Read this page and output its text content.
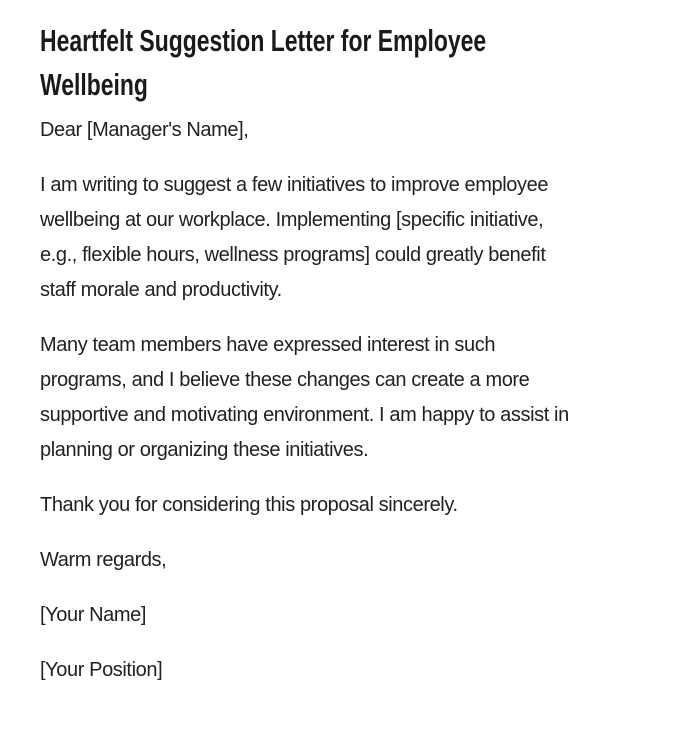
Heartfelt Suggestion Letter for Employee
Wellbeing

Dear [Manager's Name],

I am writing to suggest a few initiatives to improve employee
wellbeing at our workplace. Implementing [specific initiative,
e.g., flexible hours, wellness programs] could greatly benefit
staff morale and productivity.

Many team members have expressed interest in such
programs, and I believe these changes can create a more
supportive and motivating environment. I am happy to assist in
planning or organizing these initiatives.

Thank you for considering this proposal sincerely.

Warm regards,

[Your Name]

[Your Position]
